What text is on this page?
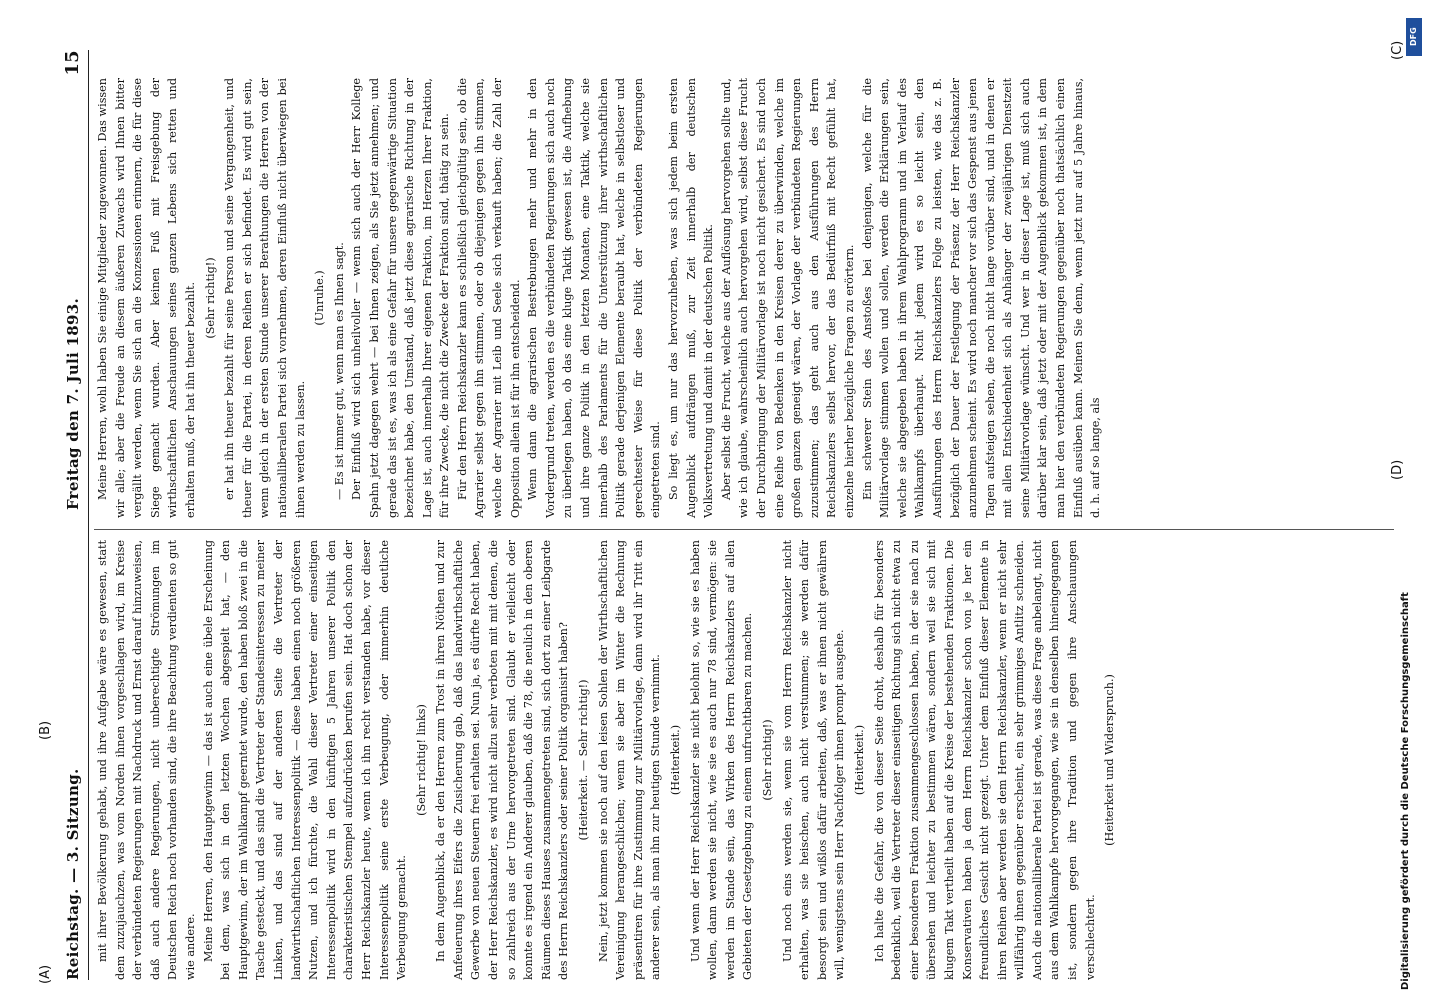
Reichstag. — 3. Sitzung.
Freitag den 7. Juli 1893.
15

mit ihrer Bevölkerung gehabt, und ihre Aufgabe wäre es gewesen, statt dem zuzujauchzen, was vom Norden ihnen vorgeschlagen wird, im Kreise der verbündeten Regierungen mit Nachdruck und Ernst darauf hinzuweisen, daß auch andere Regierungen, nicht unberechtigte Strömungen im Deutschen Reich noch vorhanden sind, die ihre Beachtung verdienten so gut wie andere. Meine Herren, den Hauptgewinn — das ist auch eine übele Erscheinung bei dem, was sich in den letzten Wochen abgespielt hat, — den Hauptgewinn, der im Wahlkampf geerntet wurde, den haben bloß zwei in die Tasche gesteckt, und das sind die Vertreter der Standesinteressen zu meiner Linken, und das sind auf der anderen Seite die Vertreter der landwirthschaftlichen Interessenpolitik — diese haben einen noch größeren Nutzen, und ich fürchte, die Wahl dieser Vertreter einer einseitigen Interessenpolitik wird in den künftigen 5 Jahren unserer Politik den charakteristischen Stempel aufzudrücken berufen sein. Hat doch schon der Herr Reichskanzler heute, wenn ich ihn recht verstanden habe, vor dieser Interessenpolitik seine erste Verbeugung, oder immerhin deutliche Verbeugung gemacht.

(Sehr richtig! links) In dem Augenblick, da er den Herren zum Trost in ihren Nöthen und zur Anfeuerung ihres Eifers die Zusicherung gab, daß das landwirthschaftliche Gewerbe von neuen Steuern frei erhalten sei. Nun ja, es dürfte Recht haben, der Herr Reichskanzler, es wird nicht allzu sehr verboten mit mit denen, die so zahlreich aus der Urne hervorgetreten sind. Glaubt er vielleicht oder konnte es irgend ein Anderer glauben, daß die 78, die neulich in den oberen Räumen dieses Hauses zusammengetreten sind, sich dort zu einer Leibgarde des Herrn Reichskanzlers oder seiner Politik organisirt haben? (Heiterkeit. — Sehr richtig!) Nein, jetzt kommen sie noch auf den leisen Sohlen der Wirthschaftlichen Vereinigung herangeschlichen; wenn sie aber im Winter die Rechnung präsentiren für ihre Zustimmung zur Militärvorlage, dann wird ihr Tritt ein anderer sein, als man ihn zur heutigen Stunde vernimmt. (Heiterkeit.) Und wenn der Herr Reichskanzler sie nicht belohnt so, wie sie es haben wollen, dann werden sie nicht, wie sie es auch nur 78 sind, vermögen: sie werden im Stande sein, das Wirken des Herrn Reichskanzlers auf allen Gebieten der Gesetzgebung zu einem unfruchtbaren zu machen. (Sehr richtig!) Und noch eins werden sie, wenn sie vom Herrn Reichskanzler nicht erhalten, was sie heischen, auch nicht verstummen; sie werden dafür besorgt sein und wißlos dafür arbeiten, daß, was er ihnen nicht gewähren will, wenigstens sein Herr Nachfolger ihnen prompt ausgehe. (Heiterkeit.) Ich halte die Gefahr, die von dieser Seite droht, deshalb für besonders bedenklich, weil die Vertreter dieser einseitigen Richtung sich nicht etwa zu einer besonderen Fraktion zusammengeschlossen haben, in der sie nach zu übersehen und leichter zu bestimmen wären, sondern weil sie sich mit klugem Takt vertheilt haben auf die Kreise der bestehenden Fraktionen. Die Konservativen haben ja dem Herrn Reichskanzler schon von je her ein freundliches Gesicht nicht gezeigt. Unter dem Einfluß dieser Elemente in ihren Reihen aber werden sie dem Herrn Reichskanzler, wenn er nicht sehr willfährig ihnen gegenüber erscheint, ein sehr grimmiges Antlitz schneiden. Auch die nationalliberale Partei ist gerade, was diese Frage anbelangt, nicht aus dem Wahlkampfe hervorgegangen, wie sie in denselben hineingegangen ist, sondern gegen ihre Tradition und gegen ihre Anschauungen verschlechtert.

(Heiterkeit und Widerspruch.)

Meine Herren, wohl haben Sie einige Mitglieder zugewonnen. Das wissen wir alle; aber die Freude an diesem äußeren Zuwachs wird Ihnen bitter vergällt werden, wenn Sie sich an die Konzessionen erinnern, die für diese Siege gemacht wurden. Aber keinen Fuß mit Freisgebung der wirthschaftlichen Anschauungen seines ganzen Lebens sich retten und erhalten muß, der hat ihn theuer bezahlt. (Sehr richtig!) er hat ihn theuer bezahlt für seine Person und seine Vergangenheit, und theuer für die Partei, in deren Reihen er sich befindet. Es wird gut sein, wenn gleich in der ersten Stunde unserer Berathungen die Herren von der nationalliberalen Partei sich vornehmen, deren Einfluß nicht überwiegen bei ihnen werden zu lassen.

(Unruhe.) — Es ist immer gut, wenn man es Ihnen sagt. Der Einfluß wird sich unheilvoller — wenn sich auch der Herr Kollege Spahn jetzt dagegen wehrt — bei Ihnen zeigen, als Sie jetzt annehmen; und gerade das ist es, was ich als eine Gefahr für unsere gegenwärtige Situation bezeichnet habe, den Umstand, daß jetzt diese agrarische Richtung in der Lage ist, auch innerhalb Ihrer eigenen Fraktion, im Herzen Ihrer Fraktion, für ihre Zwecke, die nicht die Zwecke der Fraktion sind, thätig zu sein. Für den Herrn Reichskanzler kann es schließlich gleichgültig sein, ob die Agrarier selbst gegen ihn stimmen, oder ob diejenigen gegen ihn stimmen, welche der Agrarier mit Leib und Seele sich verkauft haben; die Zahl der Opposition allein ist für ihn entscheidend. Wenn dann die agrarischen Bestrebungen mehr und mehr in den Vordergrund treten, werden es die verbündeten Regierungen sich auch noch zu überlegen haben, ob das eine kluge Taktik gewesen ist, die Aufhebung und ihre ganze Politik in den letzten Monaten, eine Taktik, welche sie innerhalb des Parlaments für die Unterstützung ihrer wirthschaftlichen Politik gerade derjenigen Elemente beraubt hat, welche in selbstloser und gerechtester Weise für diese Politik der verbündeten Regierungen eingetreten sind. So liegt es, um nur das hervorzuheben, was sich jedem beim ersten Augenblick aufdrängen muß, zur Zeit innerhalb der deutschen Volksvertretung und damit in der deutschen Politik. Aber selbst die Frucht, welche aus der Auflösung hervorgehen sollte und, wie ich glaube, wahrscheinlich auch hervorgehen wird, selbst diese Frucht der Durchbringung der Militärvorlage ist noch nicht gesichert. Es sind noch eine Reihe von Bedenken in den Kreisen derer zu überwinden, welche im großen ganzen geneigt wären, der Vorlage der verbündeten Regierungen zuzustimmen; das geht auch aus den Ausführungen des Herrn Reichskanzlers selbst hervor, der das Bedürfniß mit Recht gefühlt hat, einzelne hierher bezügliche Fragen zu erörtern. Ein schwerer Stein des Anstoßes bei denjenigen, welche für die Militärvorlage stimmen wollen und sollen, werden die Erklärungen sein, welche sie abgegeben haben in ihrem Wahlprogramm und im Verlauf des Wahlkampfs überhaupt. Nicht jedem wird es so leicht sein, den Ausführungen des Herrn Reichskanzlers Folge zu leisten, wie das z. B. bezüglich der Dauer der Festlegung der Präsenz der Herr Reichskanzler anzunehmen scheint. Es wird noch mancher vor sich das Gespenst aus jenen Tagen aufsteigen sehen, die noch nicht lange vorüber sind, und in denen er mit allen Entschiedenheit sich als Anhänger der zweijährigen Dienstzeit seine Militärvorlage wünscht. Und wer in dieser Lage ist, muß sich auch darüber klar sein, daß jetzt oder mit der Augenblick gekommen ist, in dem man hier den verbündeten Regierungen gegenüber noch thatsächlich einen Einfluß ausüben kann. Meinen Sie denn, wenn jetzt nur auf 5 Jahre hinaus, d. h. auf so lange, als

(A)
(B)
(C)
(D)
DFG
Digitalisierung gefördert durch die Deutsche Forschungsgemeinschaft
